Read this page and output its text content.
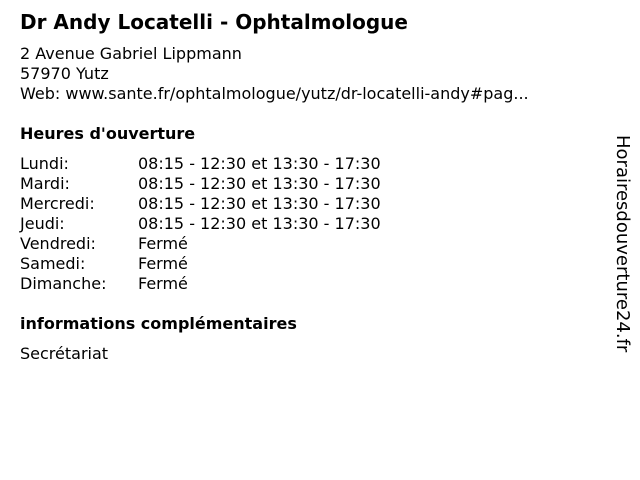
Dr Andy Locatelli - Ophtalmologue
2 Avenue Gabriel Lippmann
57970 Yutz
Web: www.sante.fr/ophtalmologue/yutz/dr-locatelli-andy#pag...
Heures d'ouverture
Lundi:	08:15 - 12:30 et 13:30 - 17:30
Mardi:	08:15 - 12:30 et 13:30 - 17:30
Mercredi:	08:15 - 12:30 et 13:30 - 17:30
Jeudi:	08:15 - 12:30 et 13:30 - 17:30
Vendredi:	Fermé
Samedi:	Fermé
Dimanche:	Fermé
informations complémentaires
Secrétariat
Horairesdouverture24.fr
